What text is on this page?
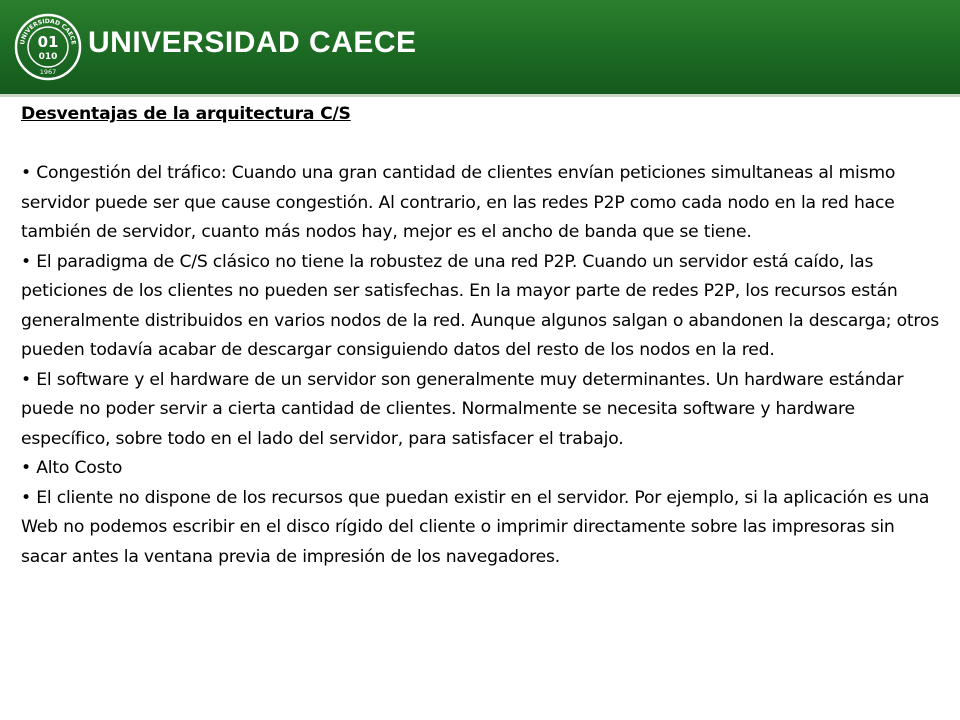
UNIVERSIDAD CAECE
01
010
1967
UNIVERSIDAD CAECE

Desventajas de la arquitectura C/S

• Congestión del tráfico: Cuando una gran cantidad de clientes envían peticiones simultaneas al mismo servidor puede ser que cause congestión. Al contrario, en las redes P2P como cada nodo en la red hace también de servidor, cuanto más nodos hay, mejor es el ancho de banda que se tiene.
• El paradigma de C/S clásico no tiene la robustez de una red P2P. Cuando un servidor está caído, las peticiones de los clientes no pueden ser satisfechas. En la mayor parte de redes P2P, los recursos están generalmente distribuidos en varios nodos de la red. Aunque algunos salgan o abandonen la descarga; otros pueden todavía acabar de descargar consiguiendo datos del resto de los nodos en la red.
• El software y el hardware de un servidor son generalmente muy determinantes. Un hardware estándar puede no poder servir a cierta cantidad de clientes. Normalmente se necesita software y hardware específico, sobre todo en el lado del servidor, para satisfacer el trabajo.
• Alto Costo
• El cliente no dispone de los recursos que puedan existir en el servidor. Por ejemplo, si la aplicación es una Web no podemos escribir en el disco rígido del cliente o imprimir directamente sobre las impresoras sin sacar antes la ventana previa de impresión de los navegadores.
